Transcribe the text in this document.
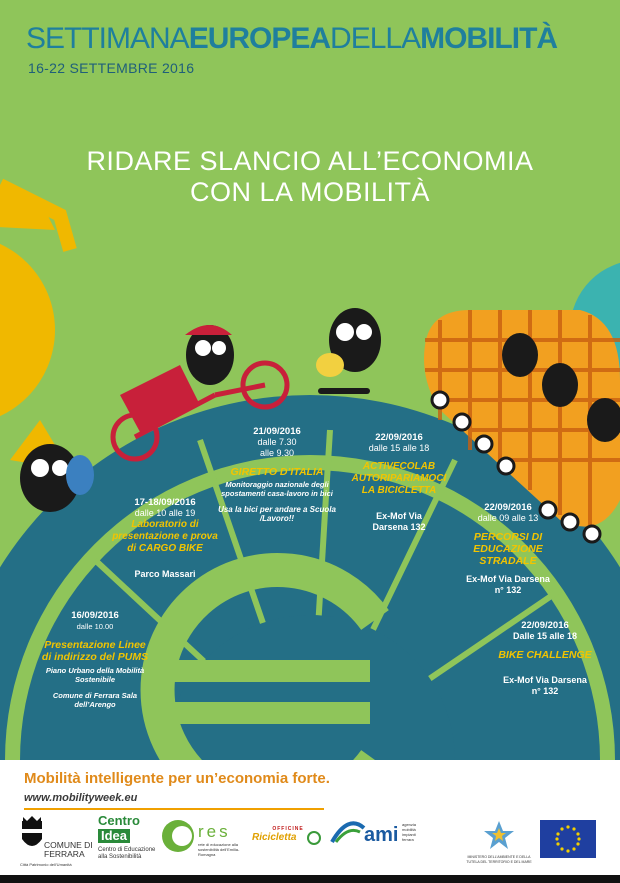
SETTIMANAEUROPEADELLAMOBILITÀ
16-22 SETTEMBRE 2016
RIDARE SLANCIO ALL’ECONOMIA
CON LA MOBILITÀ
16/09/2016
dalle 10.00
Presentazione Linee di indirizzo del PUMS
Piano Urbano della Mobilità Sostenibile
Comune di Ferrara Sala dell’Arengo
17-18/09/2016
dalle 10 alle 19
Laboratorio di presentazione e prova di CARGO BIKE
Parco Massari
21/09/2016
dalle 7.30 alle 9.30
GIRETTO D’ITALIA
Monitoraggio nazionale degli spostamenti casa-lavoro in bici
Usa la bici per andare a Scuola /Lavoro!!
22/09/2016
dalle 15 alle 18
ACTIVECOLAB AUTORIPARIAMOCI LA BICICLETTA
Ex-Mof Via Darsena 132
22/09/2016
dalle 09 alle 13
PERCORSI DI EDUCAZIONE STRADALE
Ex-Mof Via Darsena n° 132
22/09/2016
Dalle 15 alle 18
BIKE CHALLENGE
Ex-Mof Via Darsena n° 132
Mobilità intelligente per un’economia forte.
www.mobilityweek.eu
COMUNE DI FERRARA
Città Patrimonio dell’Umanità
Centro
Idea
Centro di Educazione alla Sostenibilità
res
rete di educazione alla sostenibilità dell’Emilia-Romagna
OFFICINE
Ricicletta	ami agenzia mobilità impianti ferrara
MINISTERO DELL’AMBIENTE E DELLA TUTELA DEL TERRITORIO E DEL MARE
